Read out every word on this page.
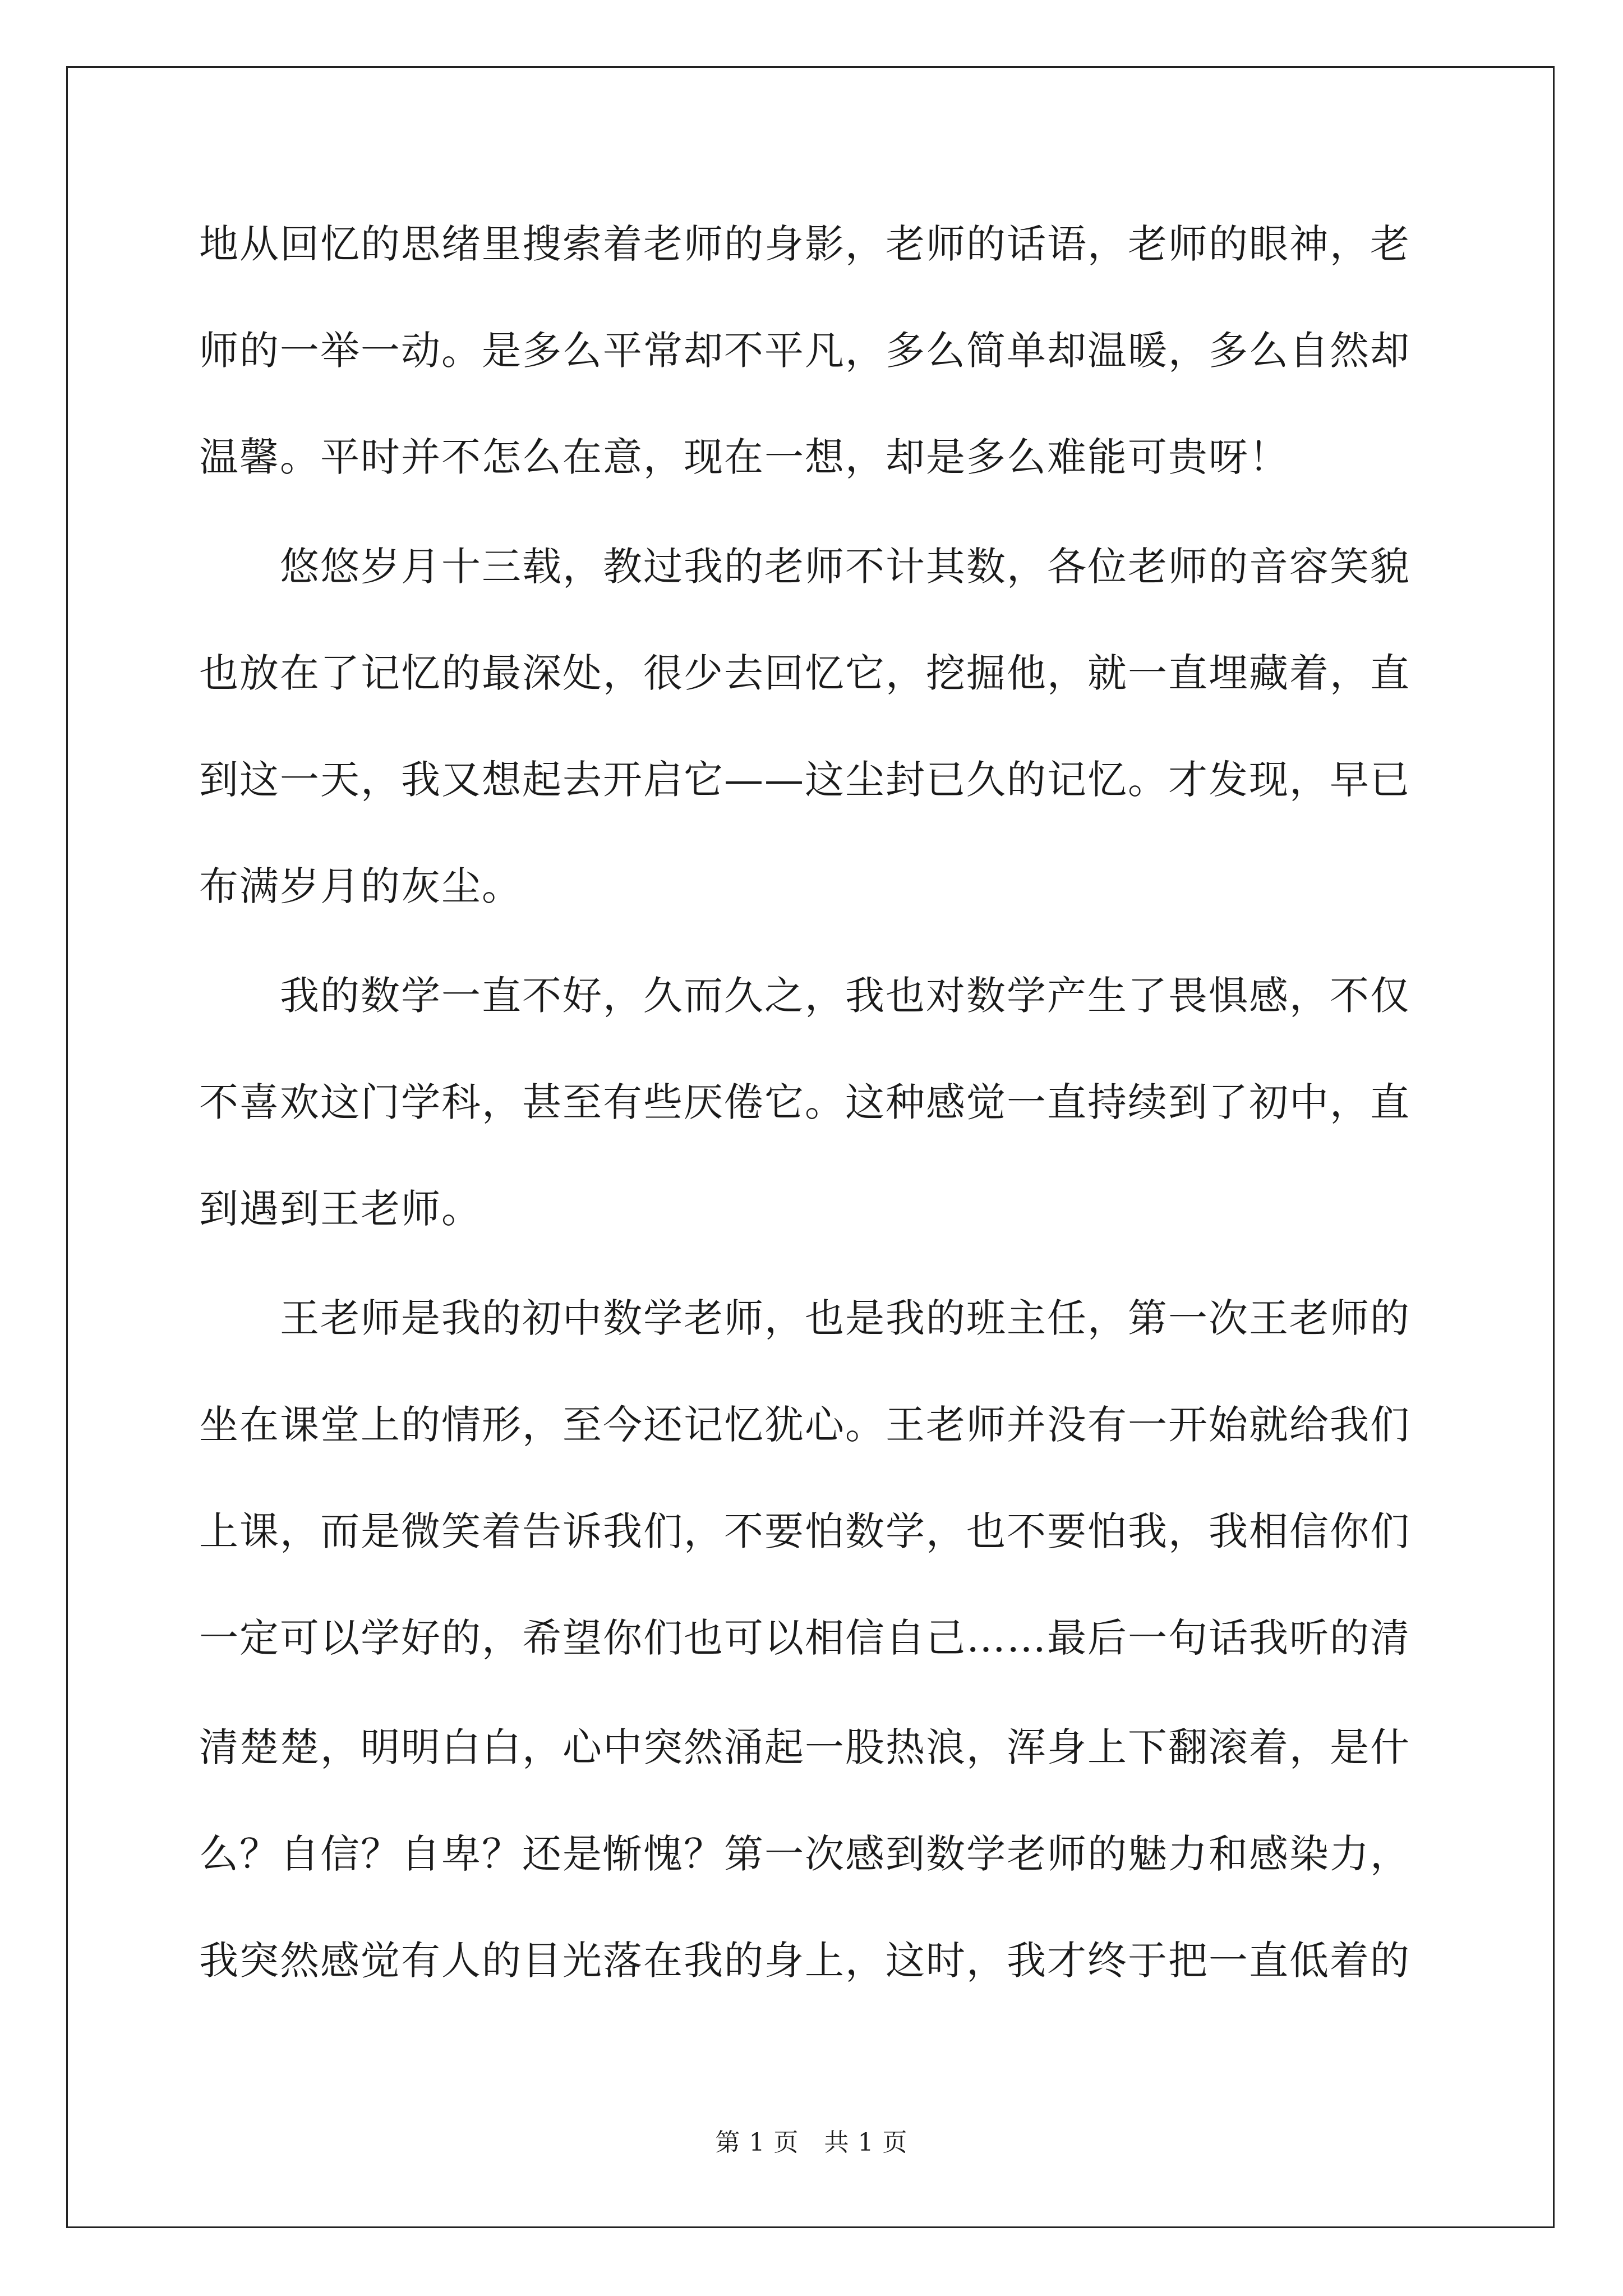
地从回忆的思绪里搜索着老师的身影，老师的话语，老师的眼神，老
师的一举一动。是多么平常却不平凡，多么简单却温暖，多么自然却
温馨。平时并不怎么在意，现在一想，却是多么难能可贵呀！
　　悠悠岁月十三载，教过我的老师不计其数，各位老师的音容笑貌
也放在了记忆的最深处，很少去回忆它，挖掘他，就一直埋藏着，直
到这一天，我又想起去开启它——这尘封已久的记忆。才发现，早已
布满岁月的灰尘。
　　我的数学一直不好，久而久之，我也对数学产生了畏惧感，不仅
不喜欢这门学科，甚至有些厌倦它。这种感觉一直持续到了初中，直
到遇到王老师。
　　王老师是我的初中数学老师，也是我的班主任，第一次王老师的
坐在课堂上的情形，至今还记忆犹心。王老师并没有一开始就给我们
上课，而是微笑着告诉我们，不要怕数学，也不要怕我，我相信你们
一定可以学好的，希望你们也可以相信自己……最后一句话我听的清
清楚楚，明明白白，心中突然涌起一股热浪，浑身上下翻滚着，是什
么？自信？自卑？还是惭愧？第一次感到数学老师的魅力和感染力，
我突然感觉有人的目光落在我的身上，这时，我才终于把一直低着的
第 1 页　共 1 页
